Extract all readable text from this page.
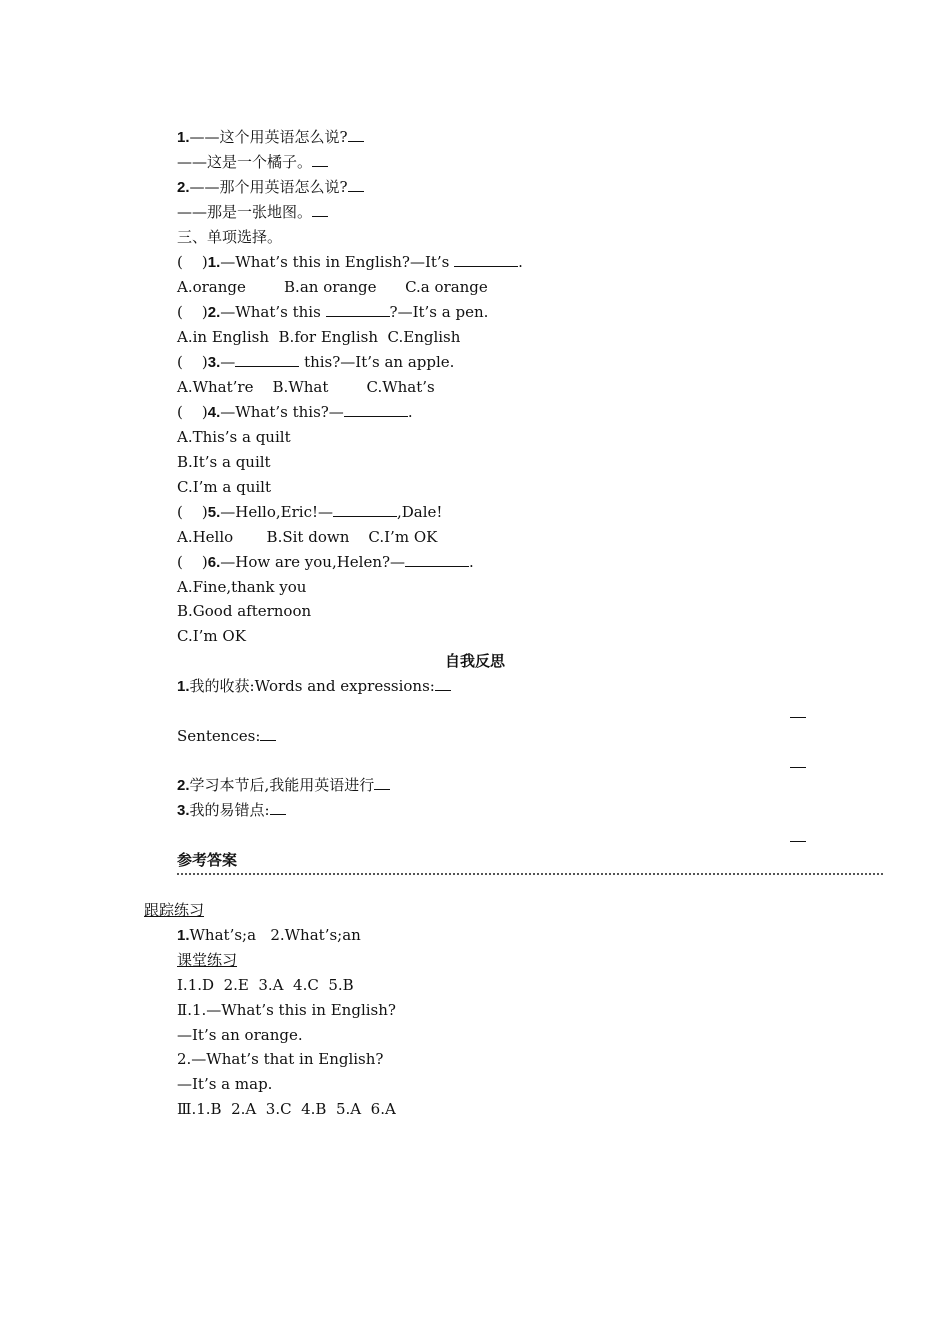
1.——这个用英语怎么说?
——这是一个橘子。
2.——那个用英语怎么说?
——那是一张地图。
三、单项选择。
(    )1.—What’s this in English?—It’s	.
A.orange        B.an orange      C.a orange
(    )2.—What’s this	?—It’s a pen.
A.in English  B.for English  C.English
(    )3.—	this?—It’s an apple.
A.What’re    B.What        C.What’s
(    )4.—What’s this?—	.
A.This’s a quilt
B.It’s a quilt
C.I’m a quilt
(    )5.—Hello,Eric!—	,Dale!
A.Hello       B.Sit down    C.I’m OK
(    )6.—How are you,Helen?—	.
A.Fine,thank you
B.Good afternoon
C.I’m OK
自我反思
1.我的收获:Words and expressions:
Sentences:
2.学习本节后,我能用英语进行
3.我的易错点:
参考答案
跟踪练习
1.What’s;a   2.What’s;an
课堂练习
Ⅰ.1.D  2.E  3.A  4.C  5.B
Ⅱ.1.—What’s this in English?
—It’s an orange.
2.—What’s that in English?
—It’s a map.
Ⅲ.1.B  2.A  3.C  4.B  5.A  6.A
